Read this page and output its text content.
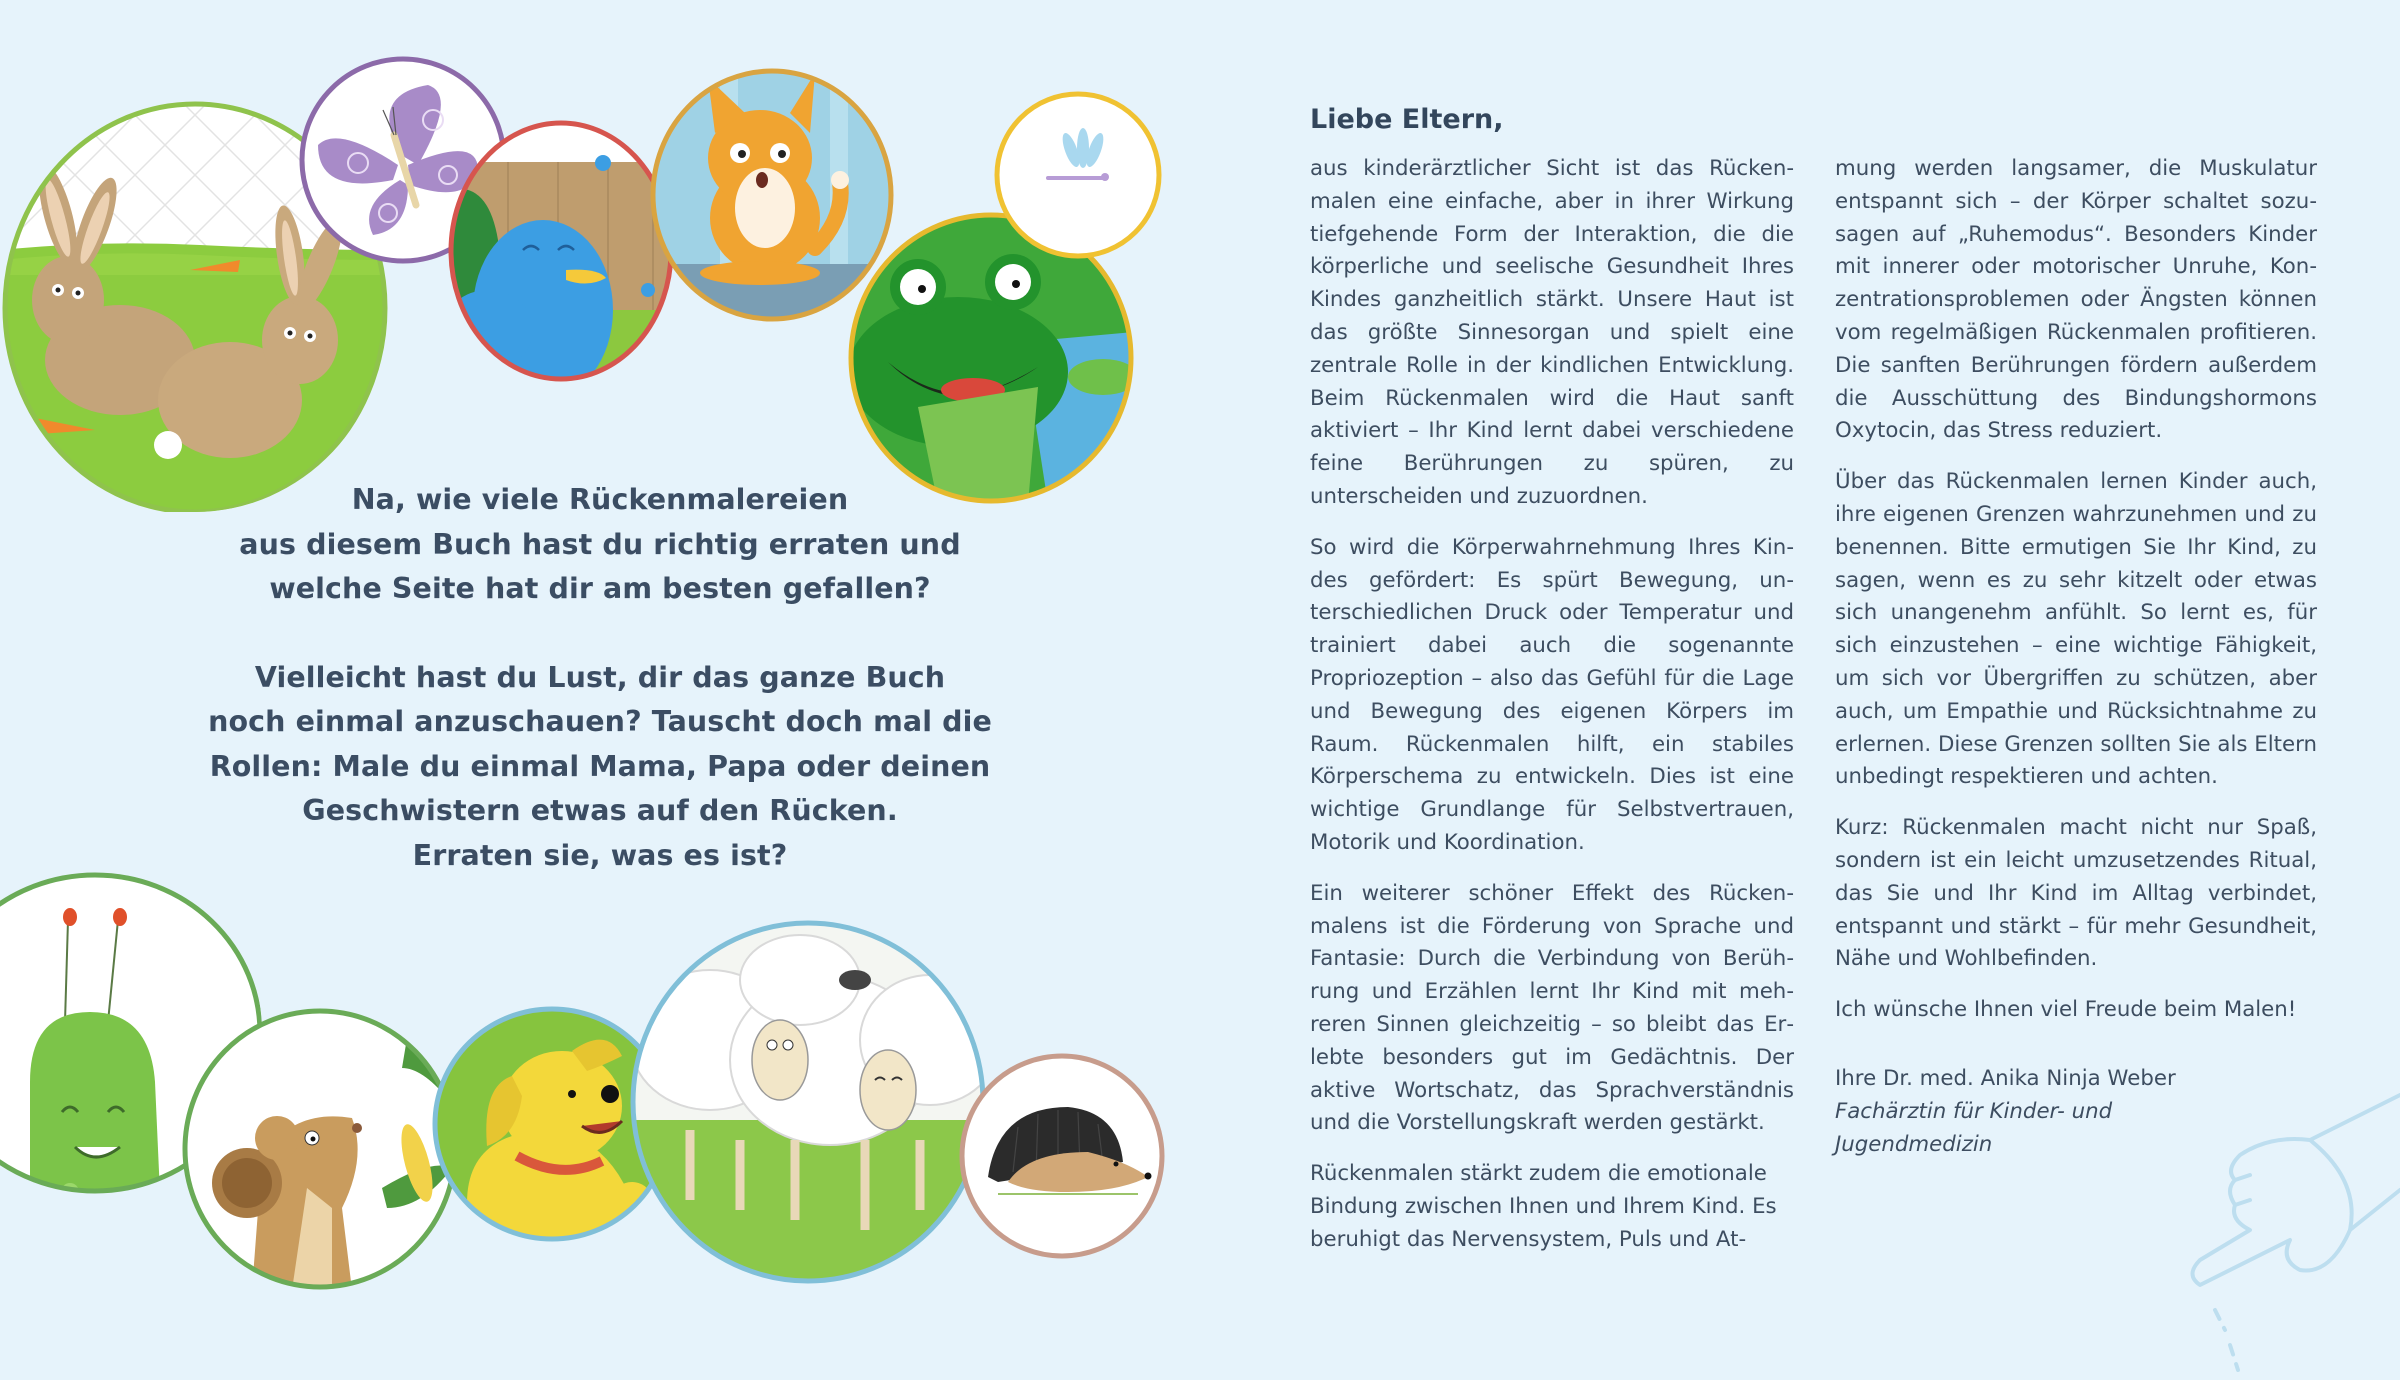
Na, wie viele Rückenmalereien
aus diesem Buch hast du richtig erraten und
welche Seite hat dir am besten gefallen?

Vielleicht hast du Lust, dir das ganze Buch
noch einmal anzuschauen? Tauscht doch mal die
Rollen: Male du einmal Mama, Papa oder deinen
Geschwistern etwas auf den Rücken.
Erraten sie, was es ist?

Liebe Eltern,

aus kinderärztlicher Sicht ist das Rückenmalen eine einfache, aber in ihrer Wirkung tiefgehende Form der Interaktion, die die körperliche und seelische Gesundheit Ihres Kindes ganzheitlich stärkt. Unsere Haut ist das größte Sinnesorgan und spielt eine zentrale Rolle in der kindlichen Entwicklung. Beim Rückenmalen wird die Haut sanft aktiviert – Ihr Kind lernt dabei verschiedene feine Berührungen zu spüren, zu unterscheiden und zuzuordnen.

So wird die Körperwahrnehmung Ihres Kindes gefördert: Es spürt Bewegung, unterschiedlichen Druck oder Temperatur und trainiert dabei auch die sogenannte Propriozeption – also das Gefühl für die Lage und Bewegung des eigenen Körpers im Raum. Rückenmalen hilft, ein stabiles Körperschema zu entwickeln. Dies ist eine wichtige Grundlange für Selbstvertrauen, Motorik und Koordination.

Ein weiterer schöner Effekt des Rückenmalens ist die Förderung von Sprache und Fantasie: Durch die Verbindung von Berührung und Erzählen lernt Ihr Kind mit mehreren Sinnen gleichzeitig – so bleibt das Erlebte besonders gut im Gedächtnis. Der aktive Wortschatz, das Sprachverständnis und die Vorstellungskraft werden gestärkt.

Rückenmalen stärkt zudem die emotionale Bindung zwischen Ihnen und Ihrem Kind. Es beruhigt das Nervensystem, Puls und At-

mung werden langsamer, die Muskulatur entspannt sich – der Körper schaltet sozusagen auf „Ruhemodus“. Besonders Kinder mit innerer oder motorischer Unruhe, Konzentrationsproblemen oder Ängsten können vom regelmäßigen Rückenmalen profitieren. Die sanften Berührungen fördern außerdem die Ausschüttung des Bindungshormons Oxytocin, das Stress reduziert.

Über das Rückenmalen lernen Kinder auch, ihre eigenen Grenzen wahrzunehmen und zu benennen. Bitte ermutigen Sie Ihr Kind, zu sagen, wenn es zu sehr kitzelt oder etwas sich unangenehm anfühlt. So lernt es, für sich einzustehen – eine wichtige Fähigkeit, um sich vor Übergriffen zu schützen, aber auch, um Empathie und Rücksichtnahme zu erlernen. Diese Grenzen sollten Sie als Eltern unbedingt respektieren und achten.

Kurz: Rückenmalen macht nicht nur Spaß, sondern ist ein leicht umzusetzendes Ritual, das Sie und Ihr Kind im Alltag verbindet, entspannt und stärkt – für mehr Gesundheit, Nähe und Wohlbefinden.

Ich wünsche Ihnen viel Freude beim Malen!

Ihre Dr. med. Anika Ninja Weber
Fachärztin für Kinder- und
Jugendmedizin
